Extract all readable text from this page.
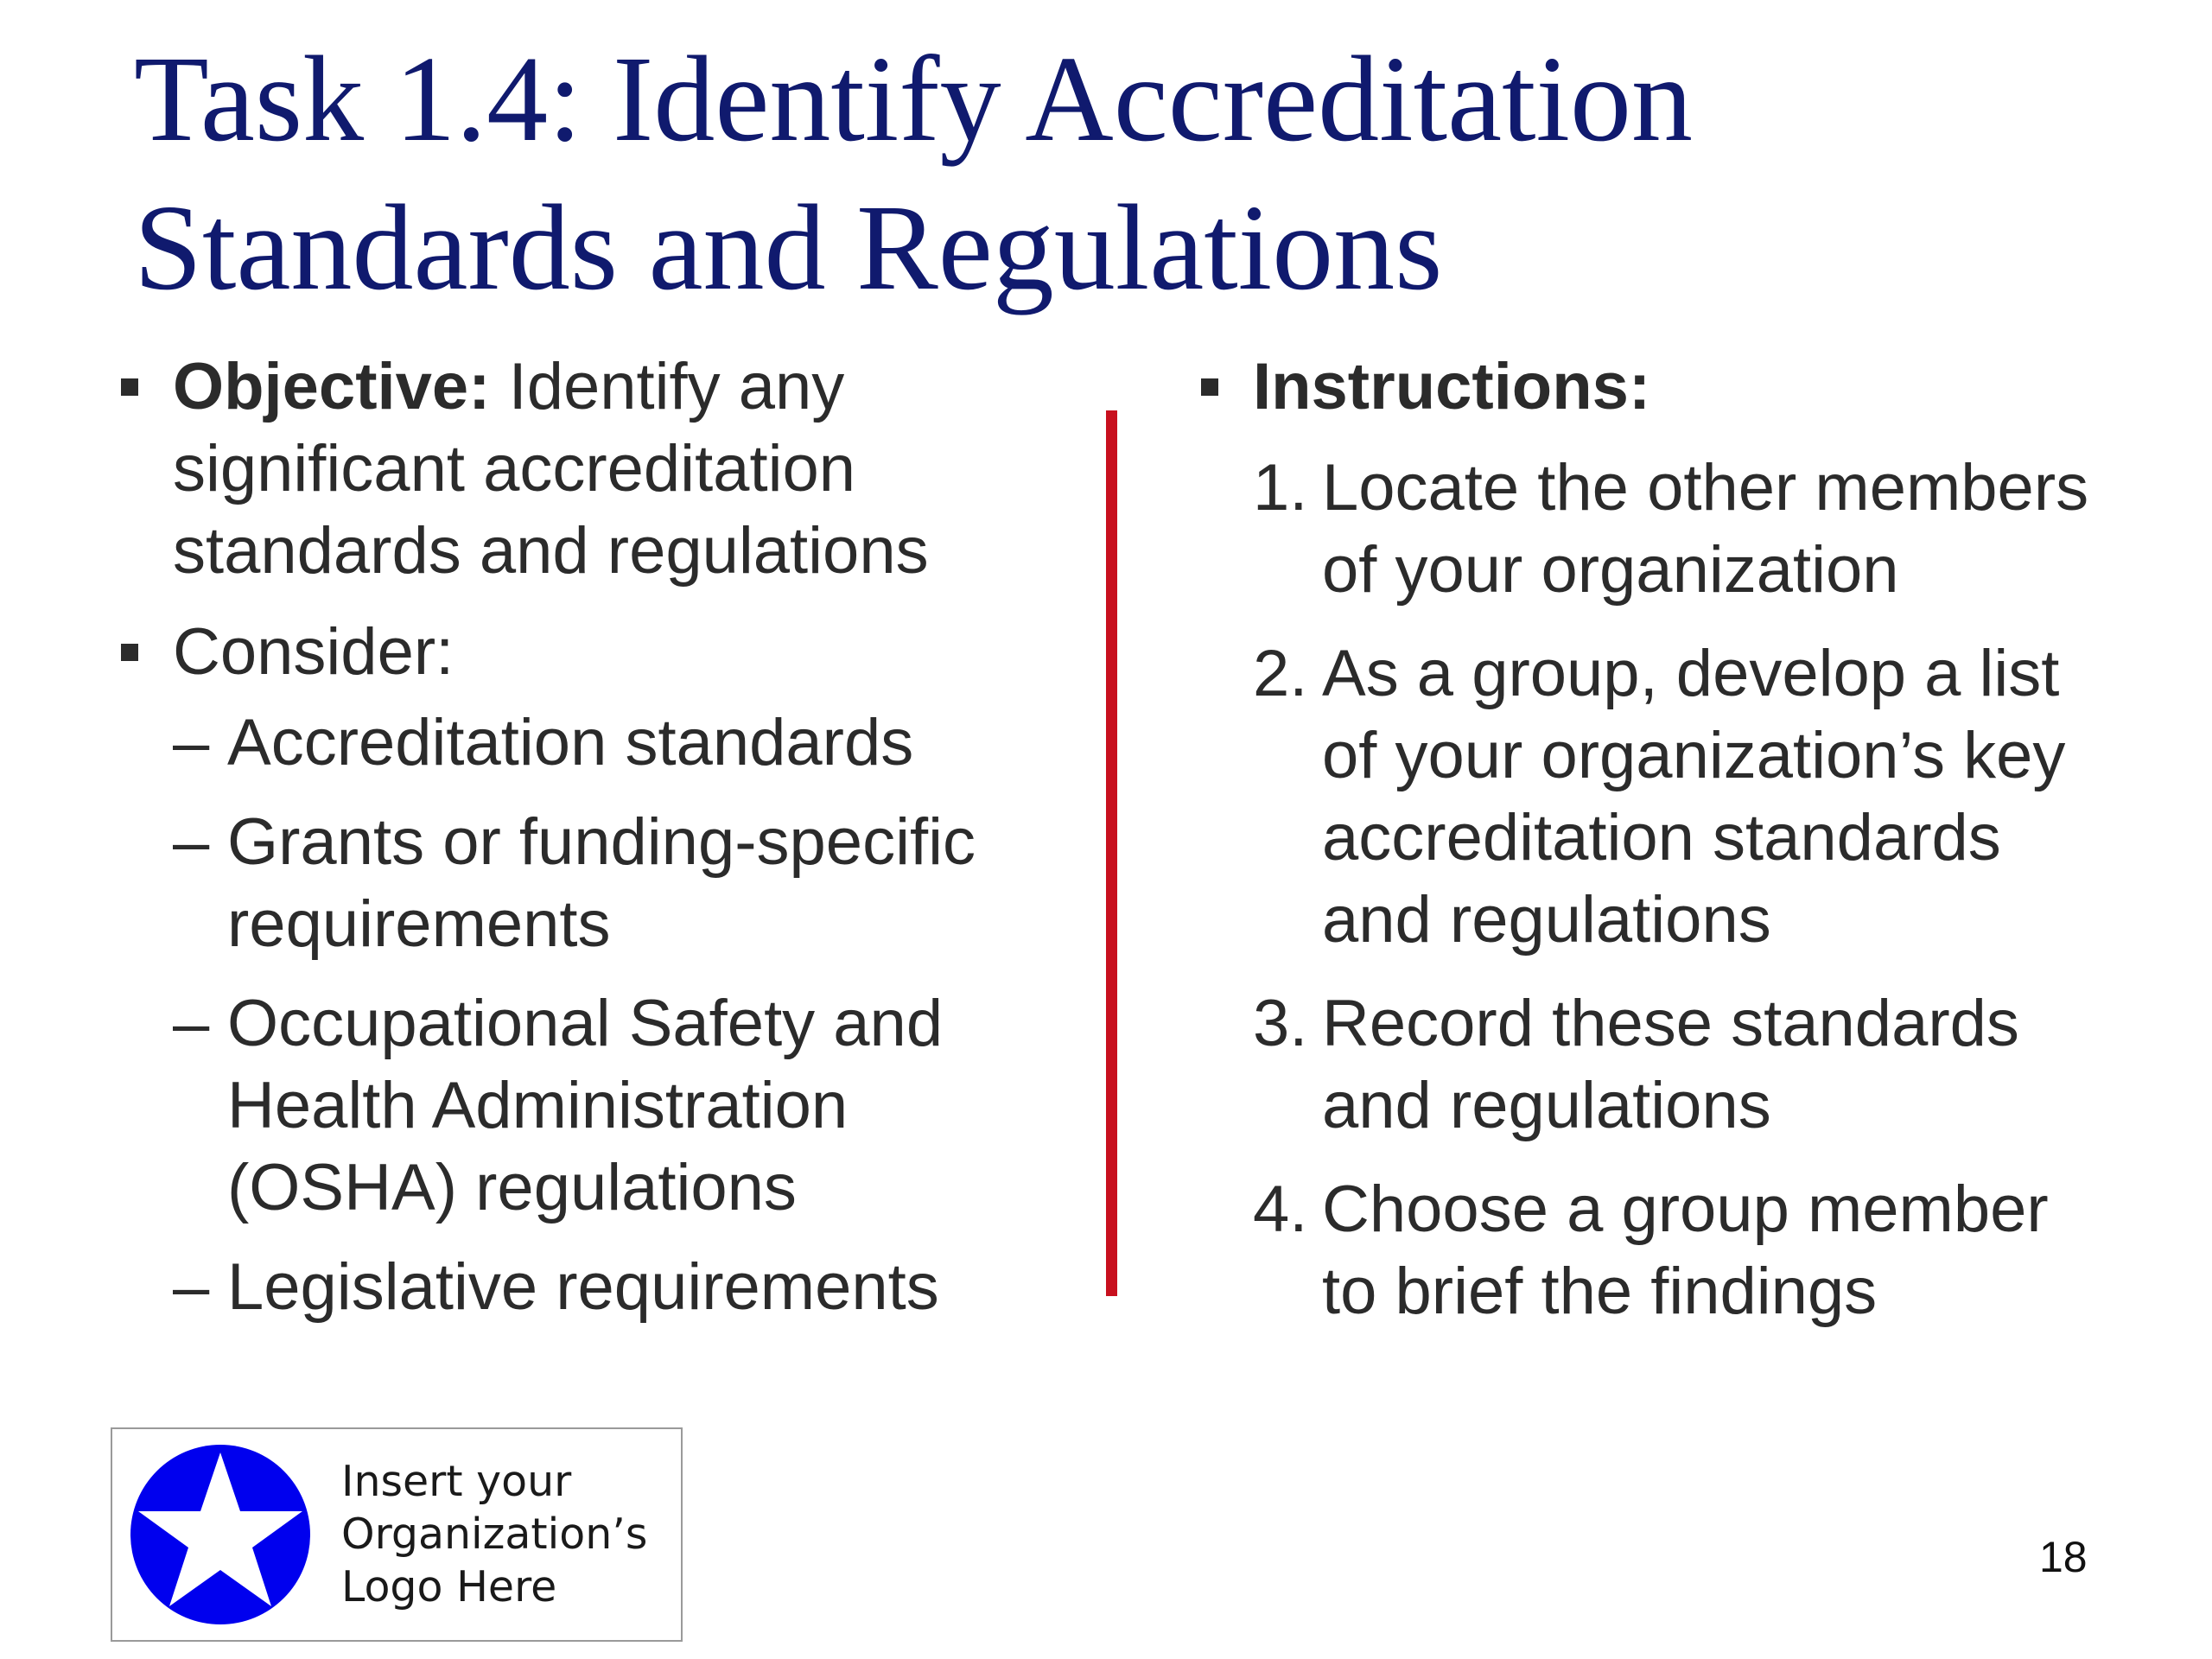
Task 1.4: Identify Accreditation
Standards and Regulations
Objective: Identify any
significant accreditation
standards and regulations
Consider:
– Accreditation standards
– Grants or funding-specific
requirements
– Occupational Safety and
Health Administration
(OSHA) regulations
– Legislative requirements
Instructions:
1. Locate the other members
of your organization
2. As a group, develop a list
of your organization’s key
accreditation standards
and regulations
3. Record these standards
and regulations
4. Choose a group member
to brief the findings
Insert your
Organization’s
Logo Here
18
